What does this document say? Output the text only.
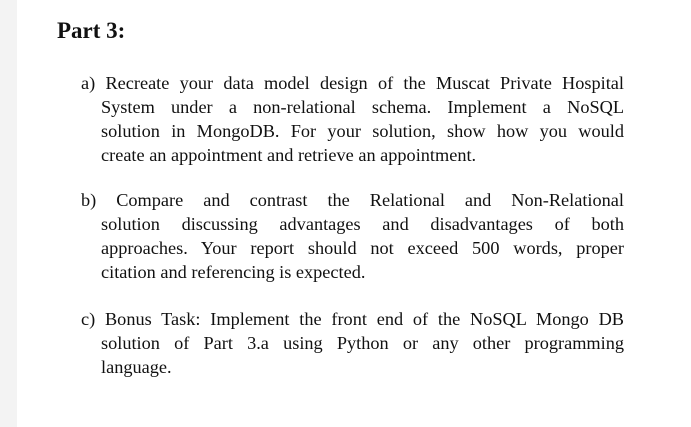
Part 3:
a) Recreate your data model design of the Muscat Private Hospital
System under a non-relational schema. Implement a NoSQL
solution in MongoDB. For your solution, show how you would
create an appointment and retrieve an appointment.
b) Compare and contrast the Relational and Non-Relational
solution discussing advantages and disadvantages of both
approaches. Your report should not exceed 500 words, proper
citation and referencing is expected.
c) Bonus Task: Implement the front end of the NoSQL Mongo DB
solution of Part 3.a using Python or any other programming
language.
